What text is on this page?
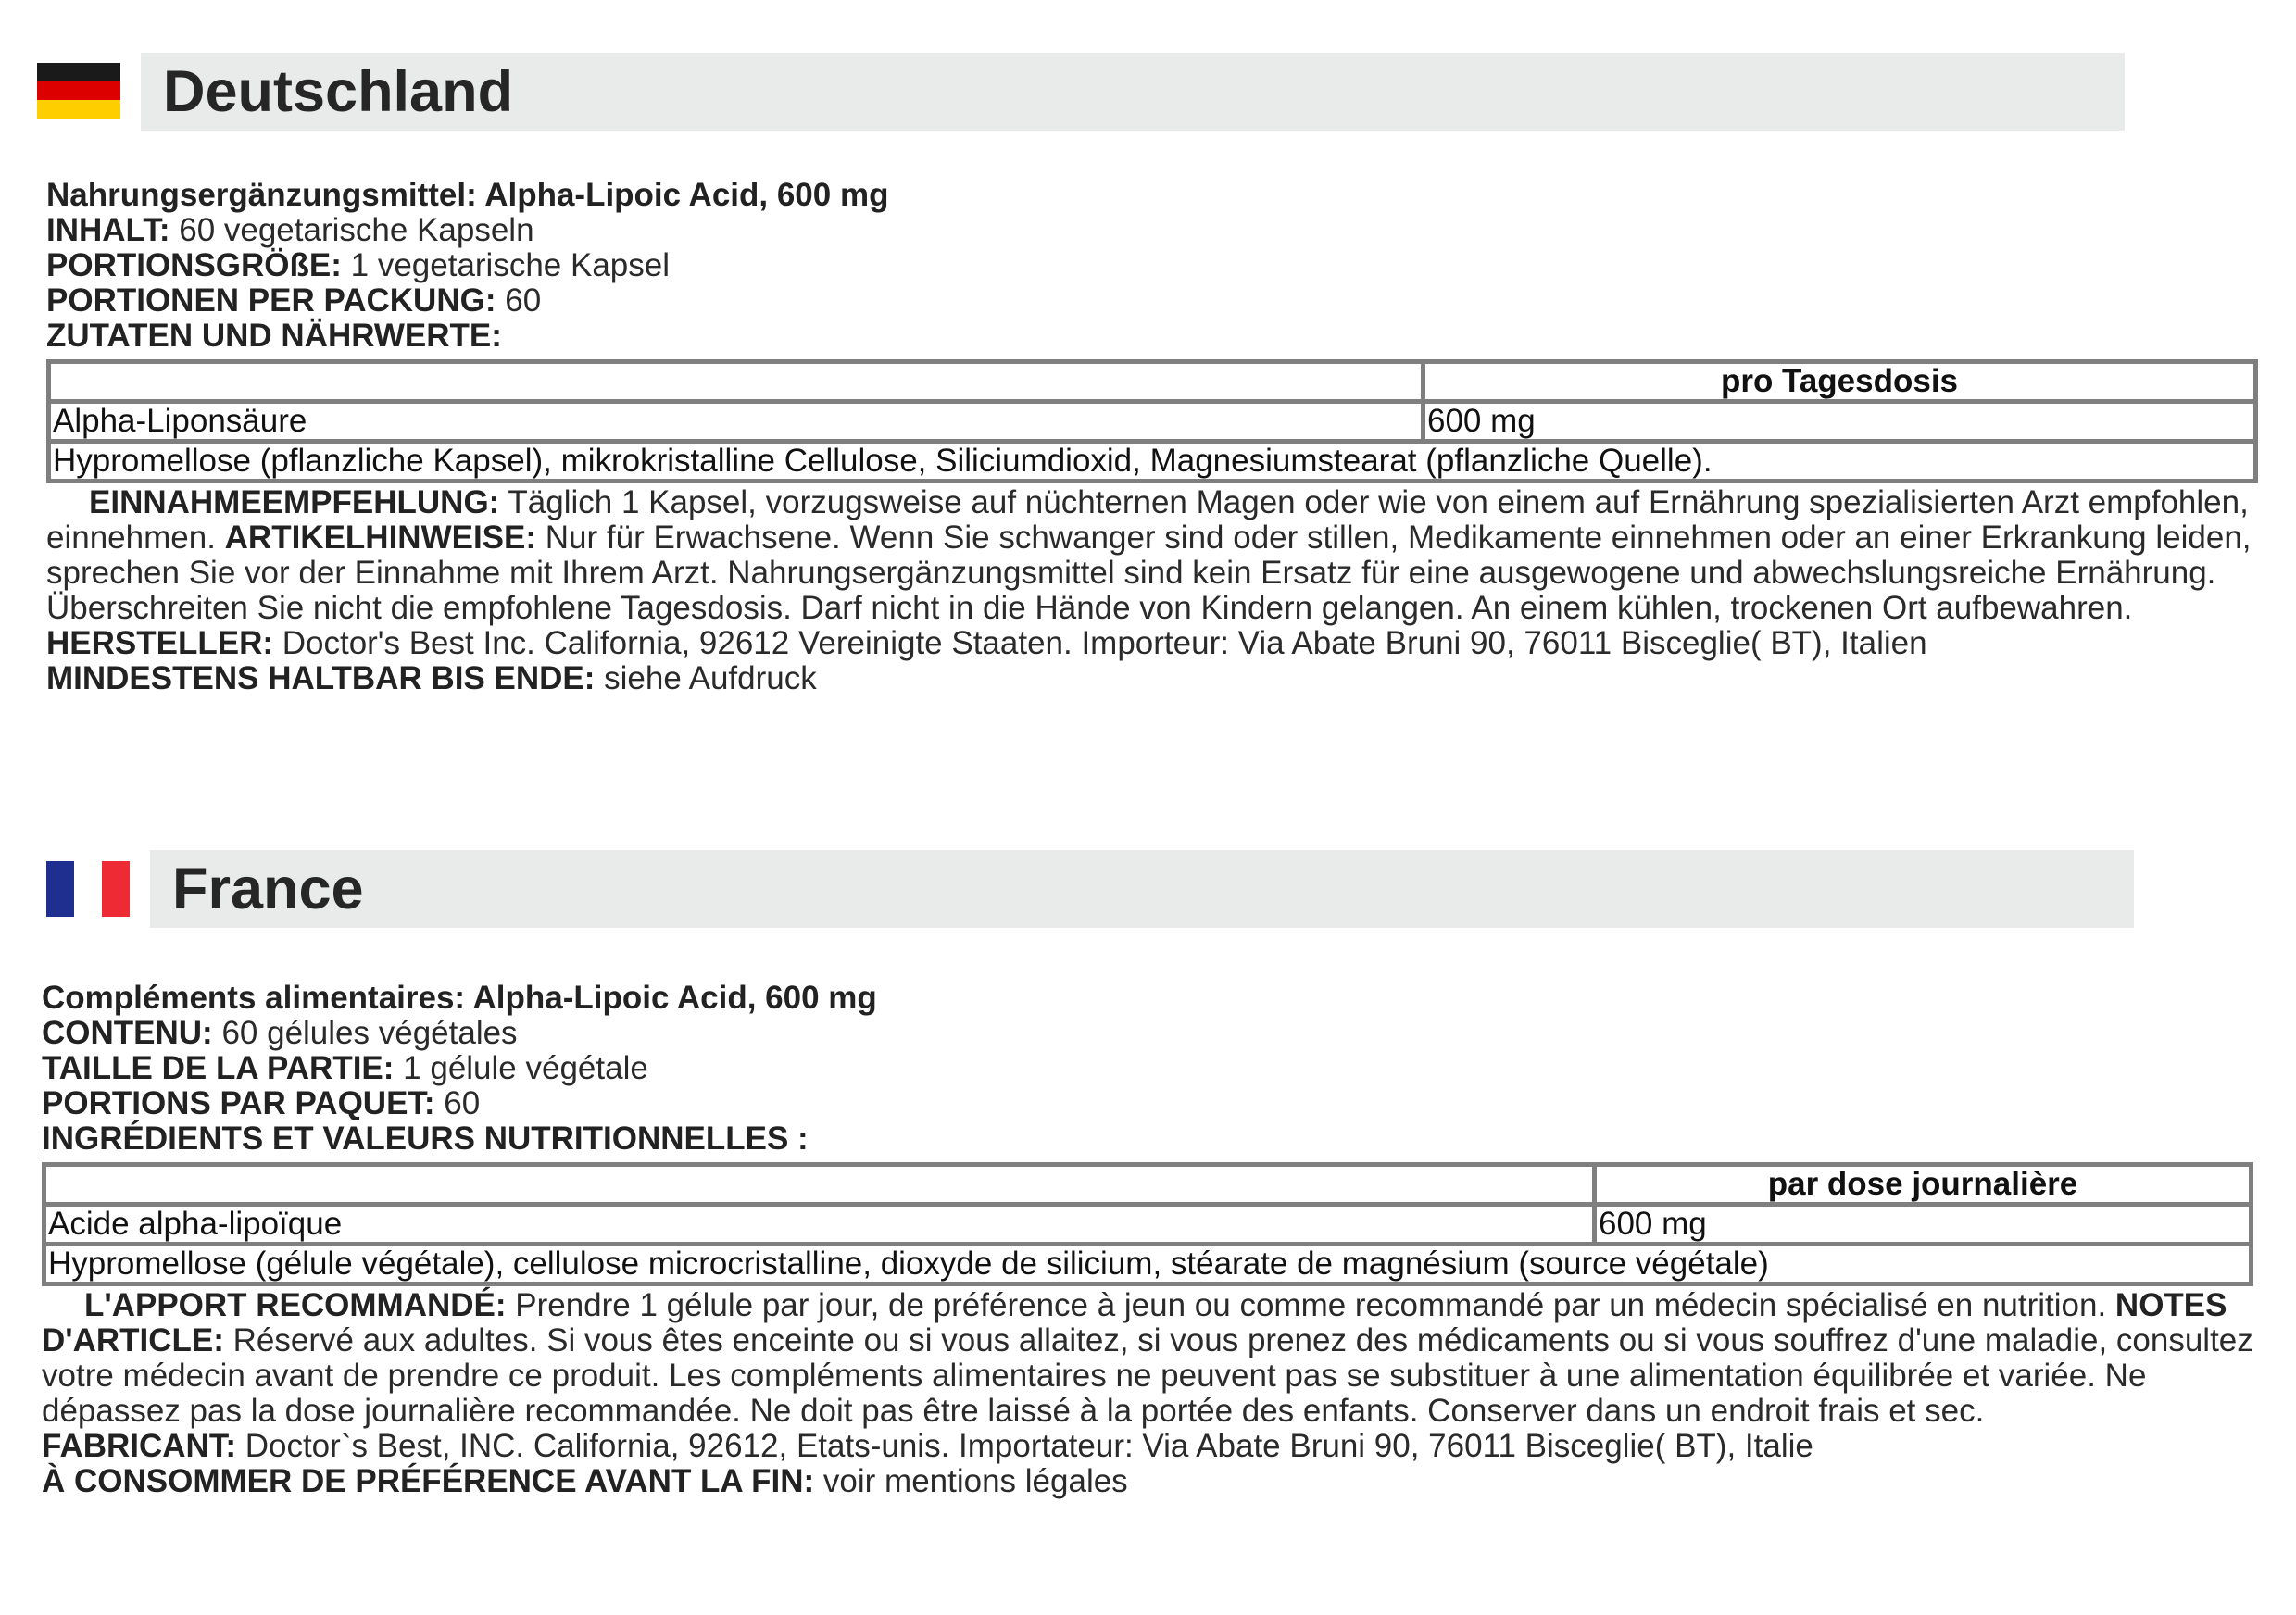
Deutschland

Nahrungsergänzungsmittel: Alpha-Lipoic Acid, 600 mg

INHALT: 60 vegetarische Kapseln

PORTIONSGRÖßE: 1 vegetarische Kapsel

PORTIONEN PER PACKUNG: 60

ZUTATEN UND NÄHRWERTE:

	pro Tagesdosis
Alpha-Liponsäure	600 mg
Hypromellose (pflanzliche Kapsel), mikrokristalline Cellulose, Siliciumdioxid, Magnesiumstearat (pflanzliche Quelle).	

EINNAHMEEMPFEHLUNG: Täglich 1 Kapsel, vorzugsweise auf nüchternen Magen oder wie von einem auf Ernährung spezialisierten Arzt empfohlen, einnehmen. ARTIKELHINWEISE: Nur für Erwachsene. Wenn Sie schwanger sind oder stillen, Medikamente einnehmen oder an einer Erkrankung leiden, sprechen Sie vor der Einnahme mit Ihrem Arzt. Nahrungsergänzungsmittel sind kein Ersatz für eine ausgewogene und abwechslungsreiche Ernährung. Überschreiten Sie nicht die empfohlene Tagesdosis. Darf nicht in die Hände von Kindern gelangen. An einem kühlen, trockenen Ort aufbewahren.

HERSTELLER: Doctor's Best Inc. California, 92612 Vereinigte Staaten. Importeur: Via Abate Bruni 90, 76011 Bisceglie( BT), Italien

MINDESTENS HALTBAR BIS ENDE: siehe Aufdruck

France

Compléments alimentaires: Alpha-Lipoic Acid, 600 mg

CONTENU: 60 gélules végétales

TAILLE DE LA PARTIE: 1 gélule végétale

PORTIONS PAR PAQUET: 60

INGRÉDIENTS ET VALEURS NUTRITIONNELLES :

	par dose journalière
Acide alpha-lipoïque	600 mg
Hypromellose (gélule végétale), cellulose microcristalline, dioxyde de silicium, stéarate de magnésium (source végétale)	

L'APPORT RECOMMANDÉ: Prendre 1 gélule par jour, de préférence à jeun ou comme recommandé par un médecin spécialisé en nutrition. NOTES D'ARTICLE: Réservé aux adultes. Si vous êtes enceinte ou si vous allaitez, si vous prenez des médicaments ou si vous souffrez d'une maladie, consultez votre médecin avant de prendre ce produit. Les compléments alimentaires ne peuvent pas se substituer à une alimentation équilibrée et variée. Ne dépassez pas la dose journalière recommandée. Ne doit pas être laissé à la portée des enfants. Conserver dans un endroit frais et sec.

FABRICANT: Doctor`s Best, INC. California, 92612, Etats-unis. Importateur: Via Abate Bruni 90, 76011 Bisceglie( BT), Italie

À CONSOMMER DE PRÉFÉRENCE AVANT LA FIN: voir mentions légales
